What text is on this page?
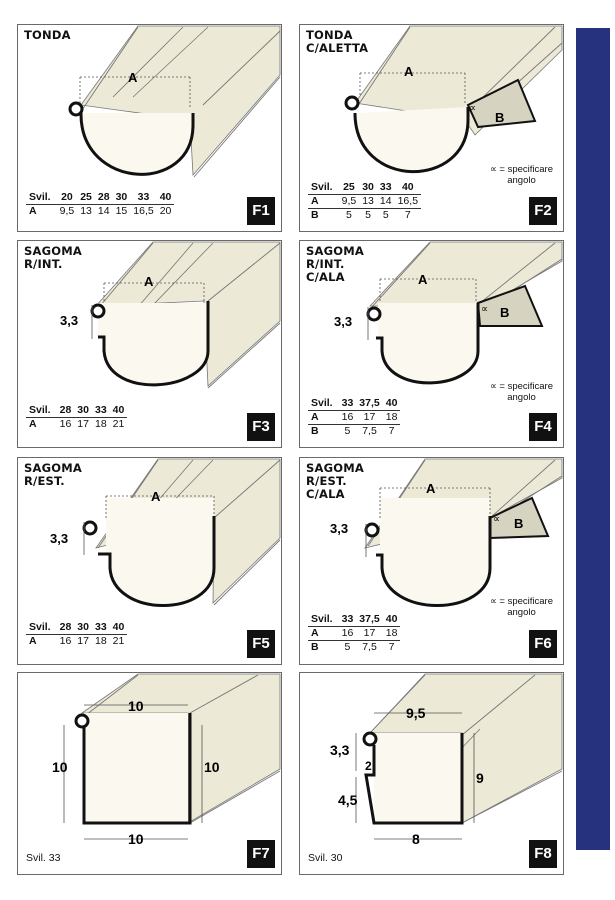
A
TONDA
Svil.	20	25	28	30	33	40
A	9,5	13	14	15	16,5	20	F1
A
B
∝
TONDA
C/ALETTA
∝ = specificare
angolo
Svil.	25	30	33	40
A	9,5	13	14	16,5
B	5	5	5	7	F2
A
3,3
SAGOMA
R/INT.
Svil.	28	30	33	40
A	16	17	18	21	F3
A
B
∝
3,3
SAGOMA
R/INT.
C/ALA
∝ = specificare
angolo
Svil.	33	37,5	40
A	16	17	18
B	5	7,5	7	F4
A
3,3
SAGOMA
R/EST.
Svil.	28	30	33	40
A	16	17	18	21	F5
A
B
∝
3,3
SAGOMA
R/EST.
C/ALA
∝ = specificare
angolo
Svil.	33	37,5	40
A	16	17	18
B	5	7,5	7	F6
10
10	10
10
Svil. 33	F7
9,5
3,3
2
4,5
9
8
Svil. 30	F8
